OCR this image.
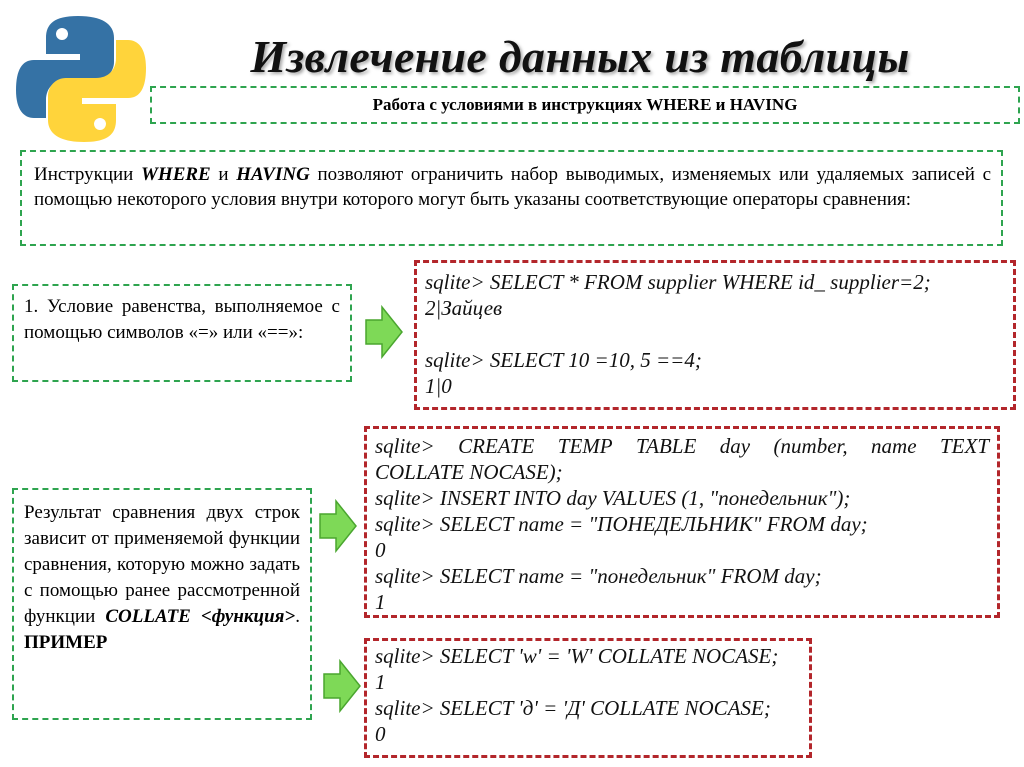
Извлечение данных из таблицы
Работа с условиями в инструкциях WHERE и HAVING
Инструкции WHERE и HAVING позволяют ограничить набор выводимых, изменяемых или удаляемых записей с помощью некоторого условия внутри которого могут быть указаны соответствующие операторы сравнения:
1. Условие равенства, выполняемое с помощью символов «=» или «==»:
Результат сравнения двух строк зависит от применяемой функции сравнения, которую можно задать с помощью ранее рассмотренной функции COLLATE <функция>. ПРИМЕР
sqlite> SELECT * FROM supplier WHERE id_ supplier=2;
2|Зайцев
sqlite> SELECT 10 =10, 5 ==4;
1|0
sqlite> CREATE TEMP TABLE day (number, name TEXT
COLLATE NOCASE);
sqlite> INSERT INTO day VALUES (1, "понедельник");
sqlite> SELECT name = "ПОНЕДЕЛЬНИК" FROM day;
0
sqlite> SELECT name = "понедельник" FROM day;
1
sqlite> SELECT 'w' = 'W' COLLATE NOCASE;
1
sqlite> SELECT 'д' = 'Д' COLLATE NOCASE;
0
